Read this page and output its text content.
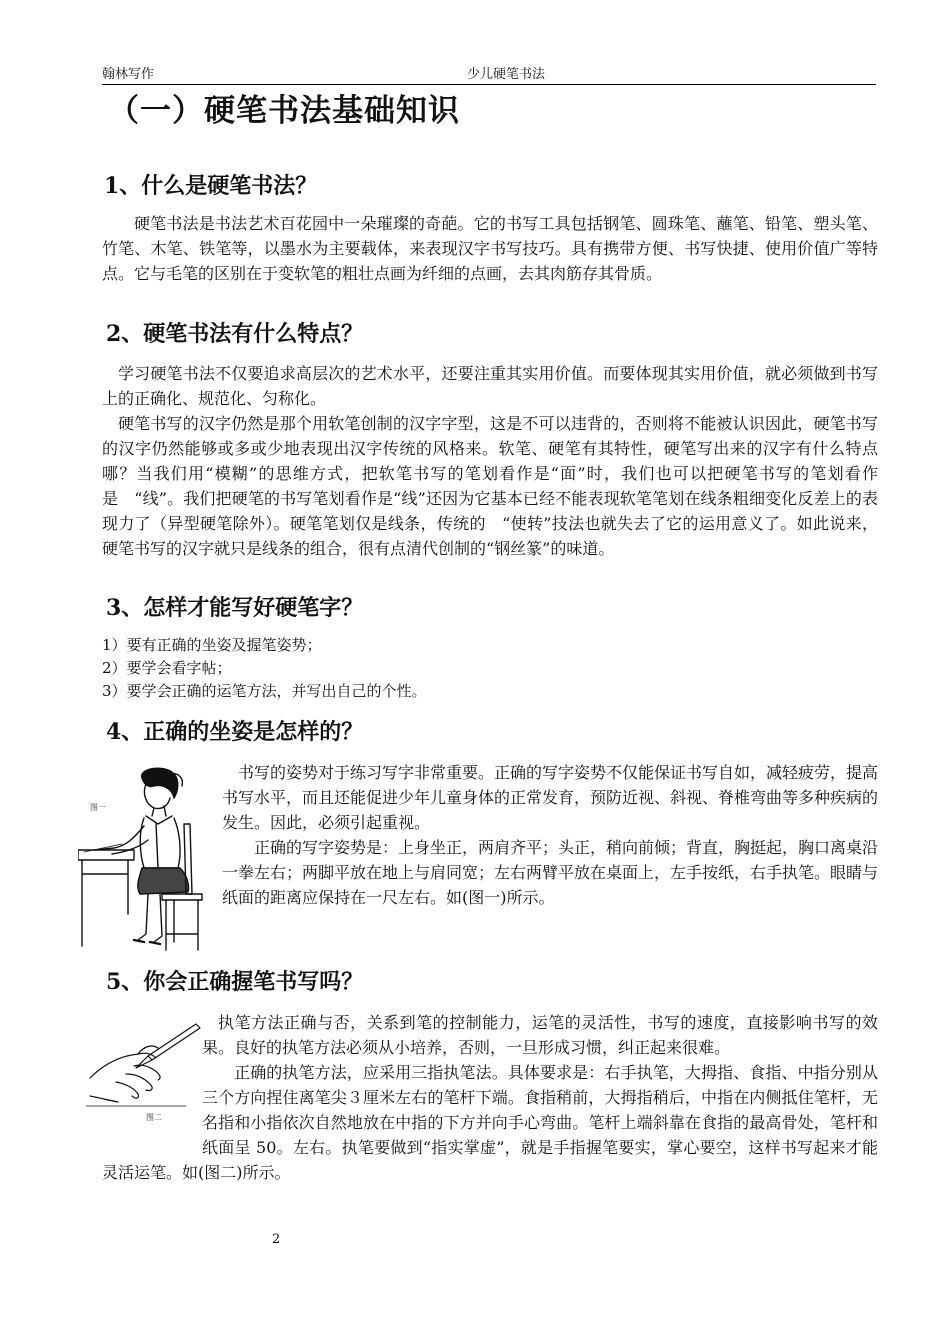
翰林写作	少儿硬笔书法
（一）硬笔书法基础知识
1、什么是硬笔书法？

硬笔书法是书法艺术百花园中一朵璀璨的奇葩。它的书写工具包括钢笔、圆珠笔、蘸笔、铅笔、塑头笔、竹笔、木笔、铁笔等，以墨水为主要载体，来表现汉字书写技巧。具有携带方便、书写快捷、使用价值广等特点。它与毛笔的区别在于变软笔的粗壮点画为纤细的点画，去其肉筋存其骨质。

2、硬笔书法有什么特点？

学习硬笔书法不仅要追求高层次的艺术水平，还要注重其实用价值。而要体现其实用价值，就必须做到书写上的正确化、规范化、匀称化。

硬笔书写的汉字仍然是那个用软笔创制的汉字字型，这是不可以违背的，否则将不能被认识因此，硬笔书写的汉字仍然能够或多或少地表现出汉字传统的风格来。软笔、硬笔有其特性，硬笔写出来的汉字有什么特点哪？当我们用“模糊”的思维方式，把软笔书写的笔划看作是“面”时，我们也可以把硬笔书写的笔划看作是　“线”。我们把硬笔的书写笔划看作是“线”还因为它基本已经不能表现软笔笔划在线条粗细变化反差上的表现力了（异型硬笔除外）。硬笔笔划仅是线条，传统的　“使转”技法也就失去了它的运用意义了。如此说来，硬笔书写的汉字就只是线条的组合，很有点清代创制的“钢丝篆”的味道。

3、怎样才能写好硬笔字？
1）要有正确的坐姿及握笔姿势；
2）要学会看字帖；
3）要学会正确的运笔方法，并写出自己的个性。
4、正确的坐姿是怎样的？
图一

书写的姿势对于练习写字非常重要。正确的写字姿势不仅能保证书写自如，减轻疲劳，提高书写水平，而且还能促进少年儿童身体的正常发育，预防近视、斜视、脊椎弯曲等多种疾病的发生。因此，必须引起重视。

正确的写字姿势是：上身坐正，两肩齐平；头正，稍向前倾；背直，胸挺起，胸口离桌沿一拳左右；两脚平放在地上与肩同宽；左右两臂平放在桌面上，左手按纸，右手执笔。眼睛与纸面的距离应保持在一尺左右。如(图一)所示。

5、你会正确握笔书写吗？
图二

执笔方法正确与否，关系到笔的控制能力，运笔的灵活性，书写的速度，直接影响书写的效果。良好的执笔方法必须从小培养，否则，一旦形成习惯，纠正起来很难。

正确的执笔方法，应采用三指执笔法。具体要求是：右手执笔，大拇指、食指、中指分别从三个方向捏住离笔尖３厘米左右的笔杆下端。食指稍前，大拇指稍后，中指在内侧抵住笔杆，无名指和小指依次自然地放在中指的下方并向手心弯曲。笔杆上端斜靠在食指的最高骨处，笔杆和纸面呈 50。左右。执笔要做到“指实掌虚”，就是手指握笔要实，掌心要空，这样书写起来才能灵活运笔。如(图二)所示。

2
